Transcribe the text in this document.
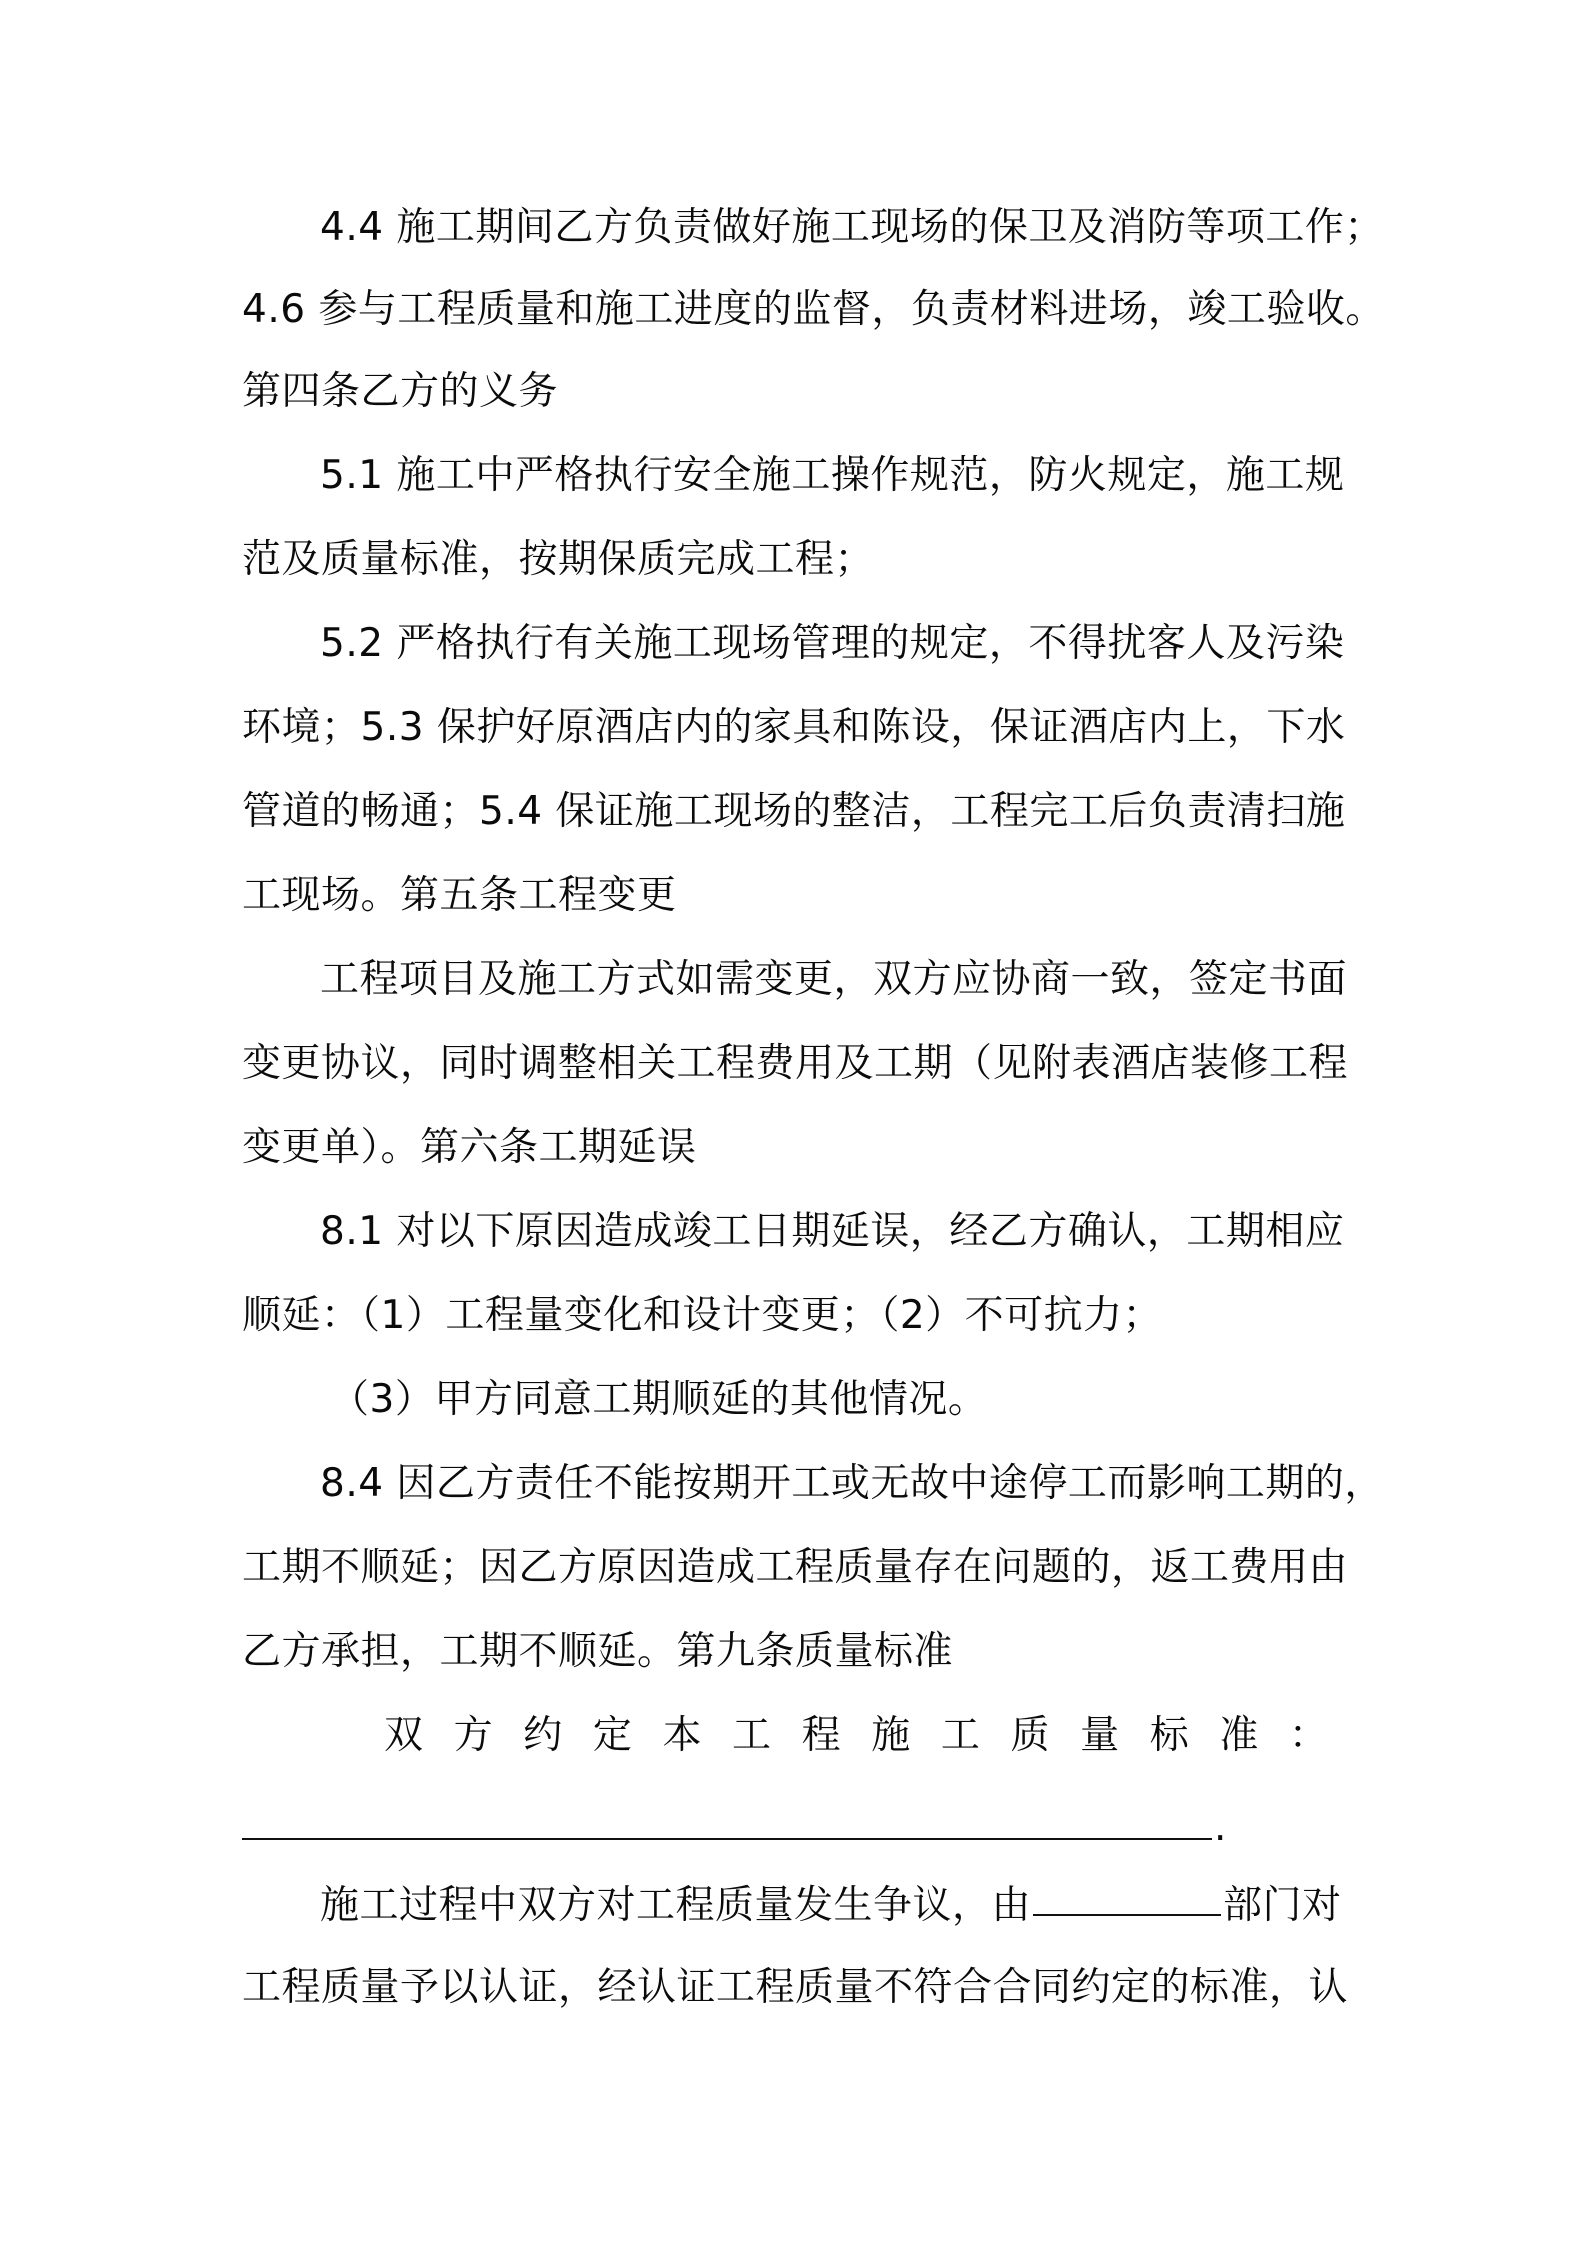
4.4 施工期间乙方负责做好施工现场的保卫及消防等项工作；
4.6 参与工程质量和施工进度的监督，负责材料进场，竣工验收。
第四条乙方的义务
5.1 施工中严格执行安全施工操作规范，防火规定，施工规
范及质量标准，按期保质完成工程；
5.2 严格执行有关施工现场管理的规定，不得扰客人及污染
环境；5.3 保护好原酒店内的家具和陈设，保证酒店内上，下水
管道的畅通；5.4 保证施工现场的整洁，工程完工后负责清扫施
工现场。第五条工程变更
工程项目及施工方式如需变更，双方应协商一致，签定书面
变更协议，同时调整相关工程费用及工期（见附表酒店装修工程
变更单）。第六条工期延误
8.1 对以下原因造成竣工日期延误，经乙方确认，工期相应
顺延：（1）工程量变化和设计变更；（2）不可抗力；
（3）甲方同意工期顺延的其他情况。
8.4 因乙方责任不能按期开工或无故中途停工而影响工期的，
工期不顺延；因乙方原因造成工程质量存在问题的，返工费用由
乙方承担，工期不顺延。第九条质量标准
双 方 约 定 本 工 程 施 工 质 量 标 准 ：
.
施工过程中双方对工程质量发生争议，由	部门对
工程质量予以认证，经认证工程质量不符合合同约定的标准，认
